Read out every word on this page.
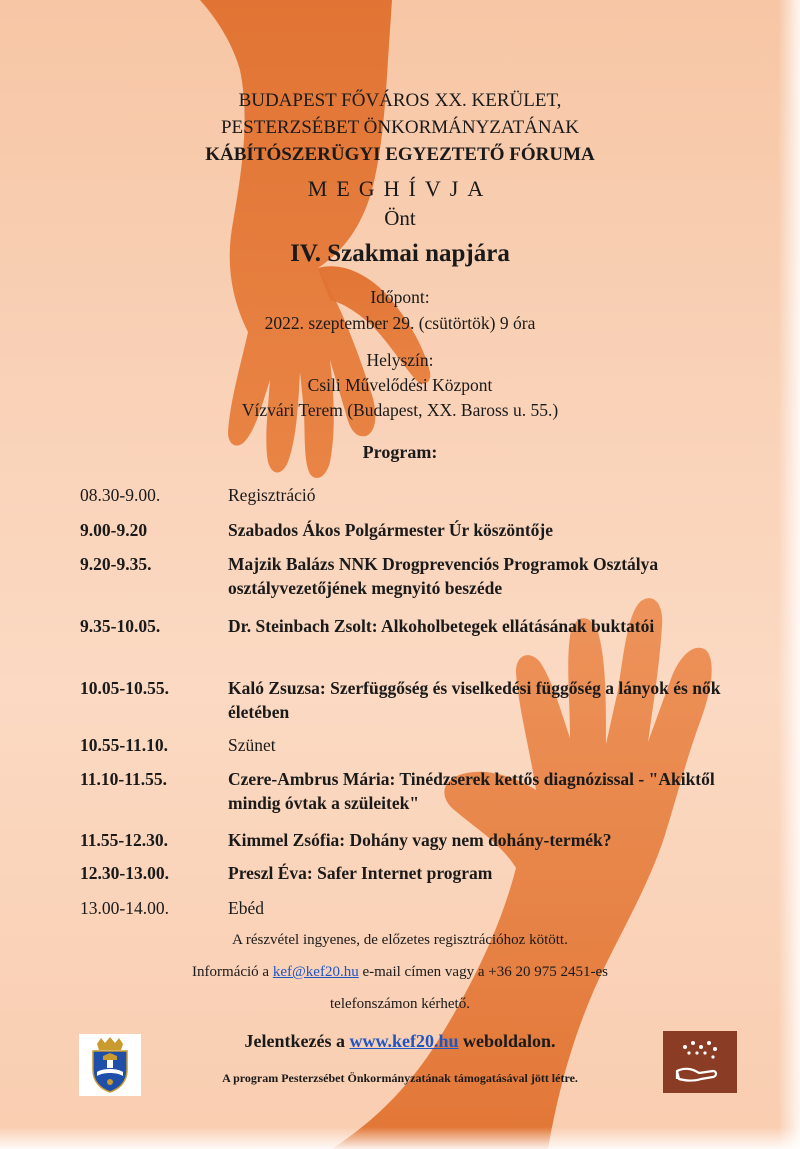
BUDAPEST FŐVÁROS XX. KERÜLET,
PESTERZSÉBET ÖNKORMÁNYZATÁNAK
KÁBÍTÓSZERÜGYI EGYEZTETŐ FÓRUMA
MEGHÍVJA
Önt
IV. Szakmai napjára
Időpont:
2022. szeptember 29. (csütörtök) 9 óra
Helyszín:
Csili Művelődési Központ
Vízvári Terem (Budapest, XX. Baross u. 55.)
Program:
08.30-9.00.	Regisztráció
9.00-9.20	Szabados Ákos Polgármester Úr köszöntője
9.20-9.35.	Majzik Balázs NNK Drogprevenciós Programok Osztálya osztályvezetőjének megnyitó beszéde
9.35-10.05.	Dr. Steinbach Zsolt: Alkoholbetegek ellátásának buktatói
10.05-10.55.	Kaló Zsuzsa: Szerfüggőség és viselkedési függőség a lányok és nők életében
10.55-11.10.	Szünet
11.10-11.55.	Czere-Ambrus Mária: Tinédzserek kettős diagnózissal - "Akiktől mindig óvtak a szüleitek"
11.55-12.30.	Kimmel Zsófia: Dohány vagy nem dohány-termék?
12.30-13.00.	Preszl Éva: Safer Internet program
13.00-14.00.	Ebéd
A részvétel ingyenes, de előzetes regisztrációhoz kötött.
Információ a kef@kef20.hu e-mail címen vagy a +36 20 975 2451-es
telefonszámon kérhető.
Jelentkezés a www.kef20.hu weboldalon.
A program Pesterzsébet Önkormányzatának támogatásával jött létre.
